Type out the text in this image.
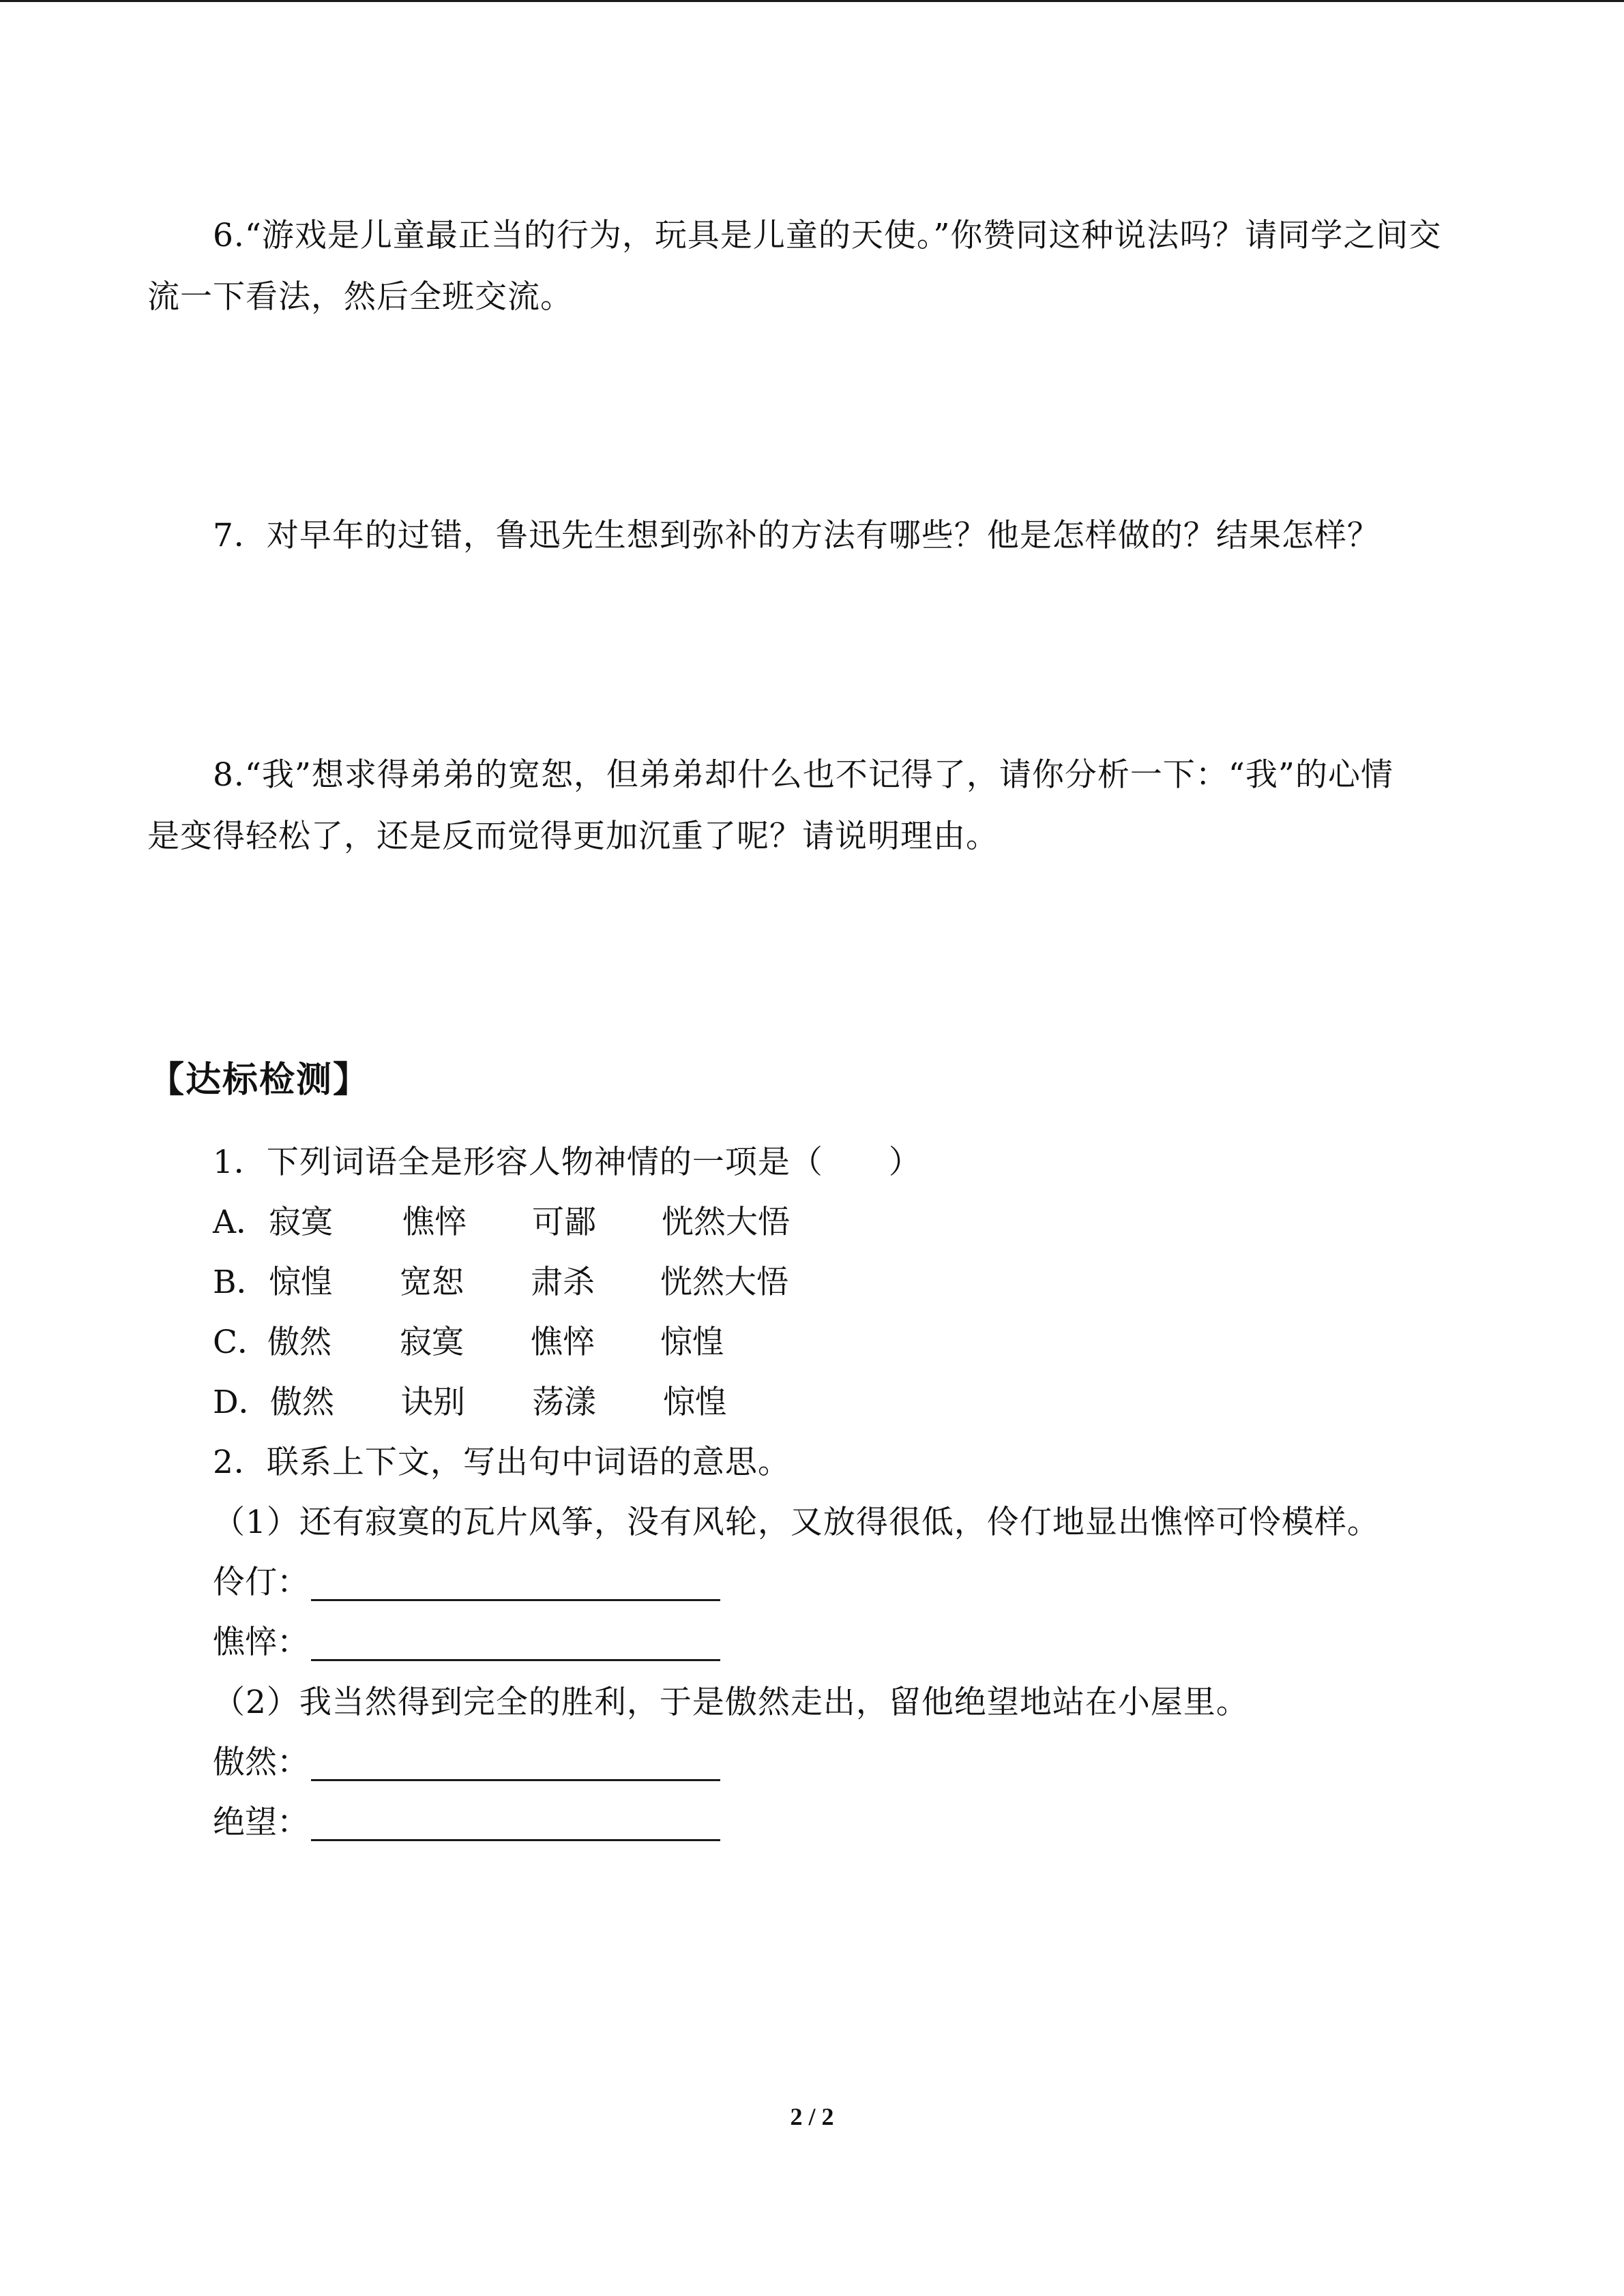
6.“游戏是儿童最正当的行为，玩具是儿童的天使。”你赞同这种说法吗？请同学之间交

流一下看法，然后全班交流。

7．对早年的过错，鲁迅先生想到弥补的方法有哪些？他是怎样做的？结果怎样？

8.“我”想求得弟弟的宽恕，但弟弟却什么也不记得了，请你分析一下：“我”的心情

是变得轻松了，还是反而觉得更加沉重了呢？请说明理由。

【达标检测】

1．下列词语全是形容人物神情的一项是（　　）

A． 寂寞 憔悴 可鄙 恍然大悟
B． 惊惶 宽恕 肃杀 恍然大悟
C．
傲然 寂寞 憔悴 惊惶
D． 傲然 诀别 荡漾 惊惶

2．联系上下文，写出句中词语的意思。

（1）还有寂寞的瓦片风筝，没有风轮，又放得很低，伶仃地显出憔悴可怜模样。

伶仃：
憔悴：

（2）我当然得到完全的胜利，于是傲然走出，留他绝望地站在小屋里。

傲然：
绝望：
2 / 2
